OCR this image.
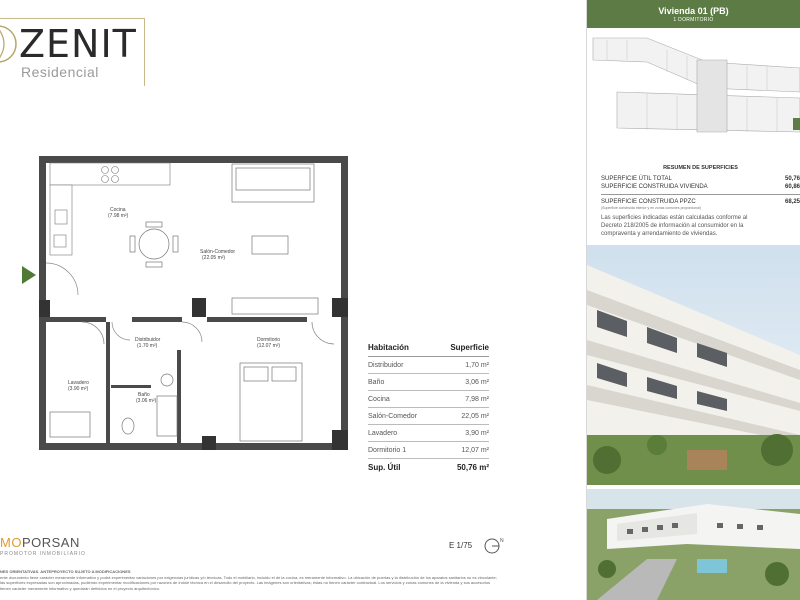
ZENIT
Residencial
Cocina
(7.98 m²)
Salón-Comedor
(22.05 m²)
Distribuidor
(1.70 m²)
Dormitorio
(12.07 m²)
Lavadero
(3.90 m²)
Baño
(3.06 m²)
Habitación	Superficie
Distribuidor	1,70 m²
Baño	3,06 m²
Cocina	7,98 m²
Salón-Comedor	22,05 m²
Lavadero	3,90 m²
Dormitorio 1	12,07 m²
Sup. Útil	50,76 m²
E 1/75	N
MOPORSAN
PROMOTOR INMOBILIARIO
NES ORIENTATIVAS. ANTEPROYECTO SUJETO A MODIFICACIONES
ente documento tiene carácter meramente informativo y podrá experimentar variaciones por exigencias jurídicas y/o técnicas. Todo el mobiliario, incluido el de la cocina, es meramente informativo. La ubicación de puertas y la distribución de los aparatos sanitarios no es vinculante; las superficies expresadas son aproximadas, pudiendo experimentar modificaciones por razones de índole técnica en el desarrollo del proyecto. Las imágenes son orientativas; éstas no tienen carácter contractual. Los servicios y zonas comunes de la vivienda y sus accesorios tienen carácter meramente informativo y quedarán definidos en el proyecto arquitectónico.
Vivienda 01 (PB)
1 DORMITORIO
RESUMEN DE SUPERFICIES
SUPERFICIE ÚTIL TOTAL	50,76
SUPERFICIE CONSTRUIDA VIVIENDA	60,86
SUPERFICIE CONSTRUIDA PPZC	68,25
(Superficie construida interior y en zonas comunes proporcional)
Las superficies indicadas están calculadas conforme al Decreto 218/2005 de información al consumidor en la compraventa y arrendamiento de viviendas.
